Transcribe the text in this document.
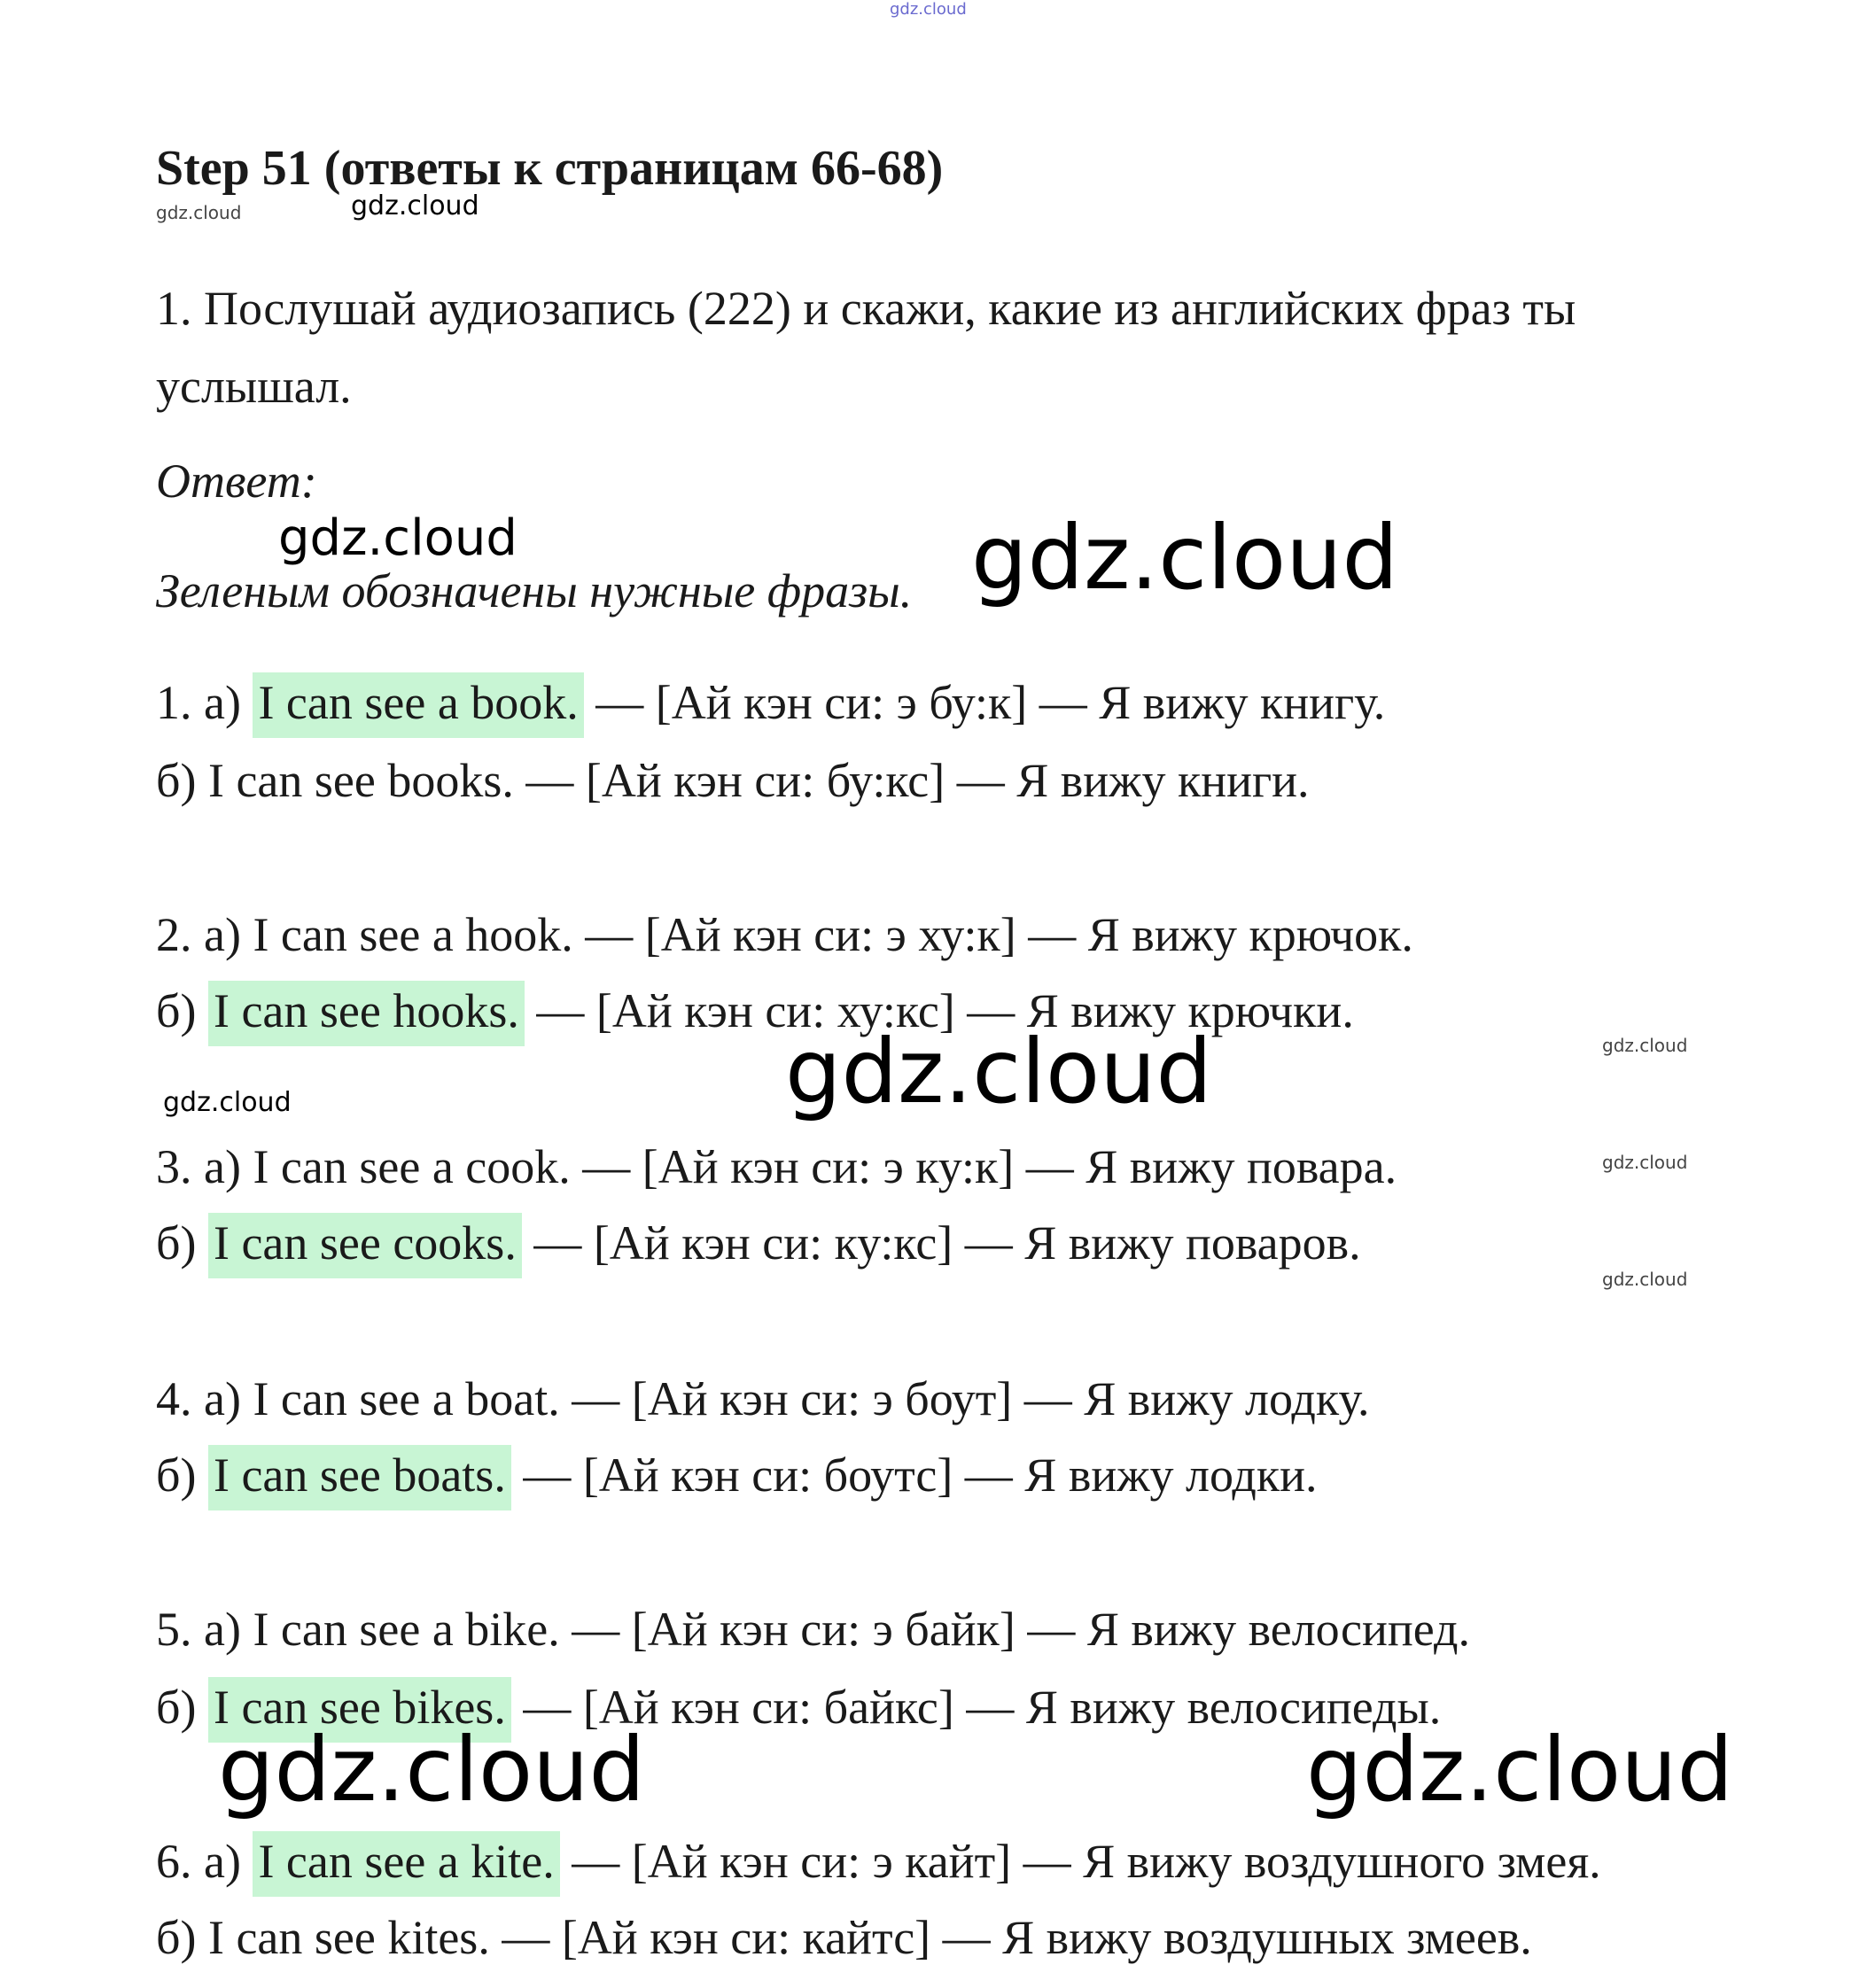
gdz.cloud
Step 51 (ответы к страницам 66-68)
gdz.cloud	gdz.cloud
1. Послушай аудиозапись (222) и скажи, какие из английских фраз ты услышал.
Ответ:
gdz.cloud
Зеленым обозначены нужные фразы. gdz.cloud
1. а) I can see a book. — [Ай кэн си: э бу:к] — Я вижу книгу.
б) I can see books. — [Ай кэн си: бу:кс] — Я вижу книги.
2. а) I can see a hook. — [Ай кэн си: э ху:к] — Я вижу крючок.
б) I can see hooks. — [Ай кэн си: ху:кс] — Я вижу крючки.
gdz.cloud
gdz.cloud
gdz.cloud
3. а) I can see a cook. — [Ай кэн си: э ку:к] — Я вижу повара.	gdz.cloud
б) I can see cooks. — [Ай кэн си: ку:кс] — Я вижу поваров.
gdz.cloud
4. а) I can see a boat. — [Ай кэн си: э боут] — Я вижу лодку.
б) I can see boats. — [Ай кэн си: боутс] — Я вижу лодки.
5. а) I can see a bike. — [Ай кэн си: э байк] — Я вижу велосипед.
б) I can see bikes. — [Ай кэн си: байкс] — Я вижу велосипеды.
gdz.cloud	gdz.cloud
6. а) I can see a kite. — [Ай кэн си: э кайт] — Я вижу воздушного змея.
б) I can see kites. — [Ай кэн си: кайтс] — Я вижу воздушных змеев.
